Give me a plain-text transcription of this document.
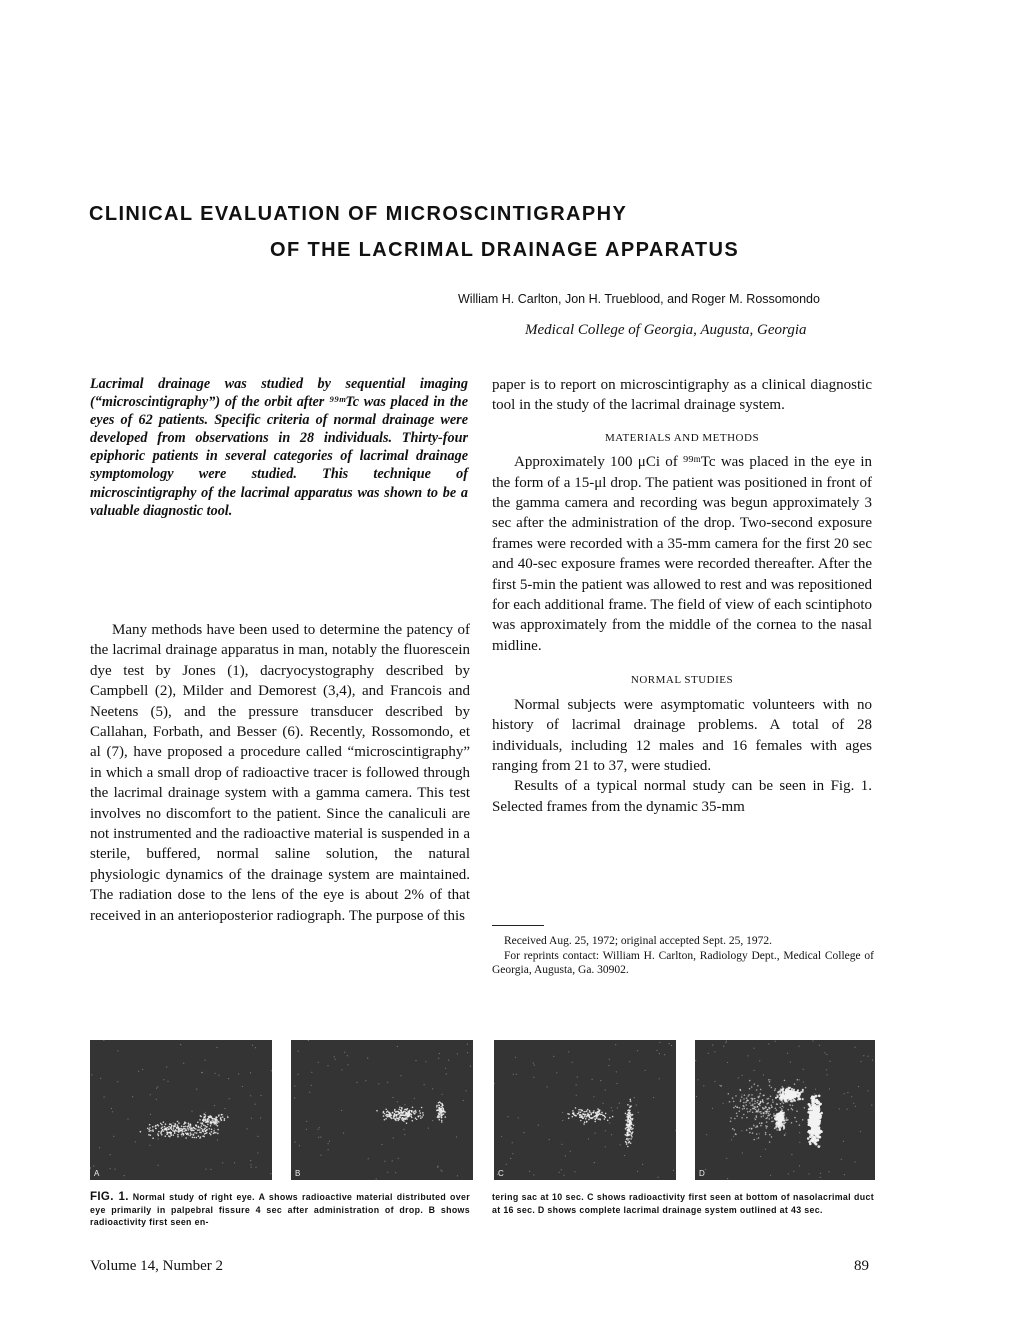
CLINICAL EVALUATION OF MICROSCINTIGRAPHY
OF THE LACRIMAL DRAINAGE APPARATUS
William H. Carlton, Jon H. Trueblood, and Roger M. Rossomondo
Medical College of Georgia, Augusta, Georgia
Lacrimal drainage was studied by sequential imaging (“microscintigraphy”) of the orbit after ⁹⁹ᵐTc was placed in the eyes of 62 patients. Specific criteria of normal drainage were developed from observations in 28 individuals. Thirty-four epiphoric patients in several categories of lacrimal drainage symptomology were studied. This technique of microscintigraphy of the lacrimal apparatus was shown to be a valuable diagnostic tool.

Many methods have been used to determine the patency of the lacrimal drainage apparatus in man, notably the fluorescein dye test by Jones (1), dacryocystography described by Campbell (2), Milder and Demorest (3,4), and Francois and Neetens (5), and the pressure transducer described by Callahan, Forbath, and Besser (6). Recently, Rossomondo, et al (7), have proposed a procedure called “microscintigraphy” in which a small drop of radioactive tracer is followed through the lacrimal drainage system with a gamma camera. This test involves no discomfort to the patient. Since the canaliculi are not instrumented and the radioactive material is suspended in a sterile, buffered, normal saline solution, the natural physiologic dynamics of the drainage system are maintained. The radiation dose to the lens of the eye is about 2% of that received in an anterioposterior radiograph. The purpose of this

paper is to report on microscintigraphy as a clinical diagnostic tool in the study of the lacrimal drainage system.

MATERIALS AND METHODS

Approximately 100 μCi of ⁹⁹ᵐTc was placed in the eye in the form of a 15-μl drop. The patient was positioned in front of the gamma camera and recording was begun approximately 3 sec after the administration of the drop. Two-second exposure frames were recorded with a 35-mm camera for the first 20 sec and 40-sec exposure frames were recorded thereafter. After the first 5-min the patient was allowed to rest and was repositioned for each additional frame. The field of view of each scintiphoto was approximately from the middle of the cornea to the nasal midline.

NORMAL STUDIES

Normal subjects were asymptomatic volunteers with no history of lacrimal drainage problems. A total of 28 individuals, including 12 males and 16 females with ages ranging from 21 to 37, were studied.

Results of a typical normal study can be seen in Fig. 1. Selected frames from the dynamic 35-mm

Received Aug. 25, 1972; original accepted Sept. 25, 1972.

For reprints contact: William H. Carlton, Radiology Dept., Medical College of Georgia, Augusta, Ga. 30902.

A	B	C	D
FIG. 1. Normal study of right eye. A shows radioactive material distributed over eye primarily in palpebral fissure 4 sec after administration of drop. B shows radioactivity first seen en-
tering sac at 10 sec. C shows radioactivity first seen at bottom of nasolacrimal duct at 16 sec. D shows complete lacrimal drainage system outlined at 43 sec.
Volume 14, Number 2	89
